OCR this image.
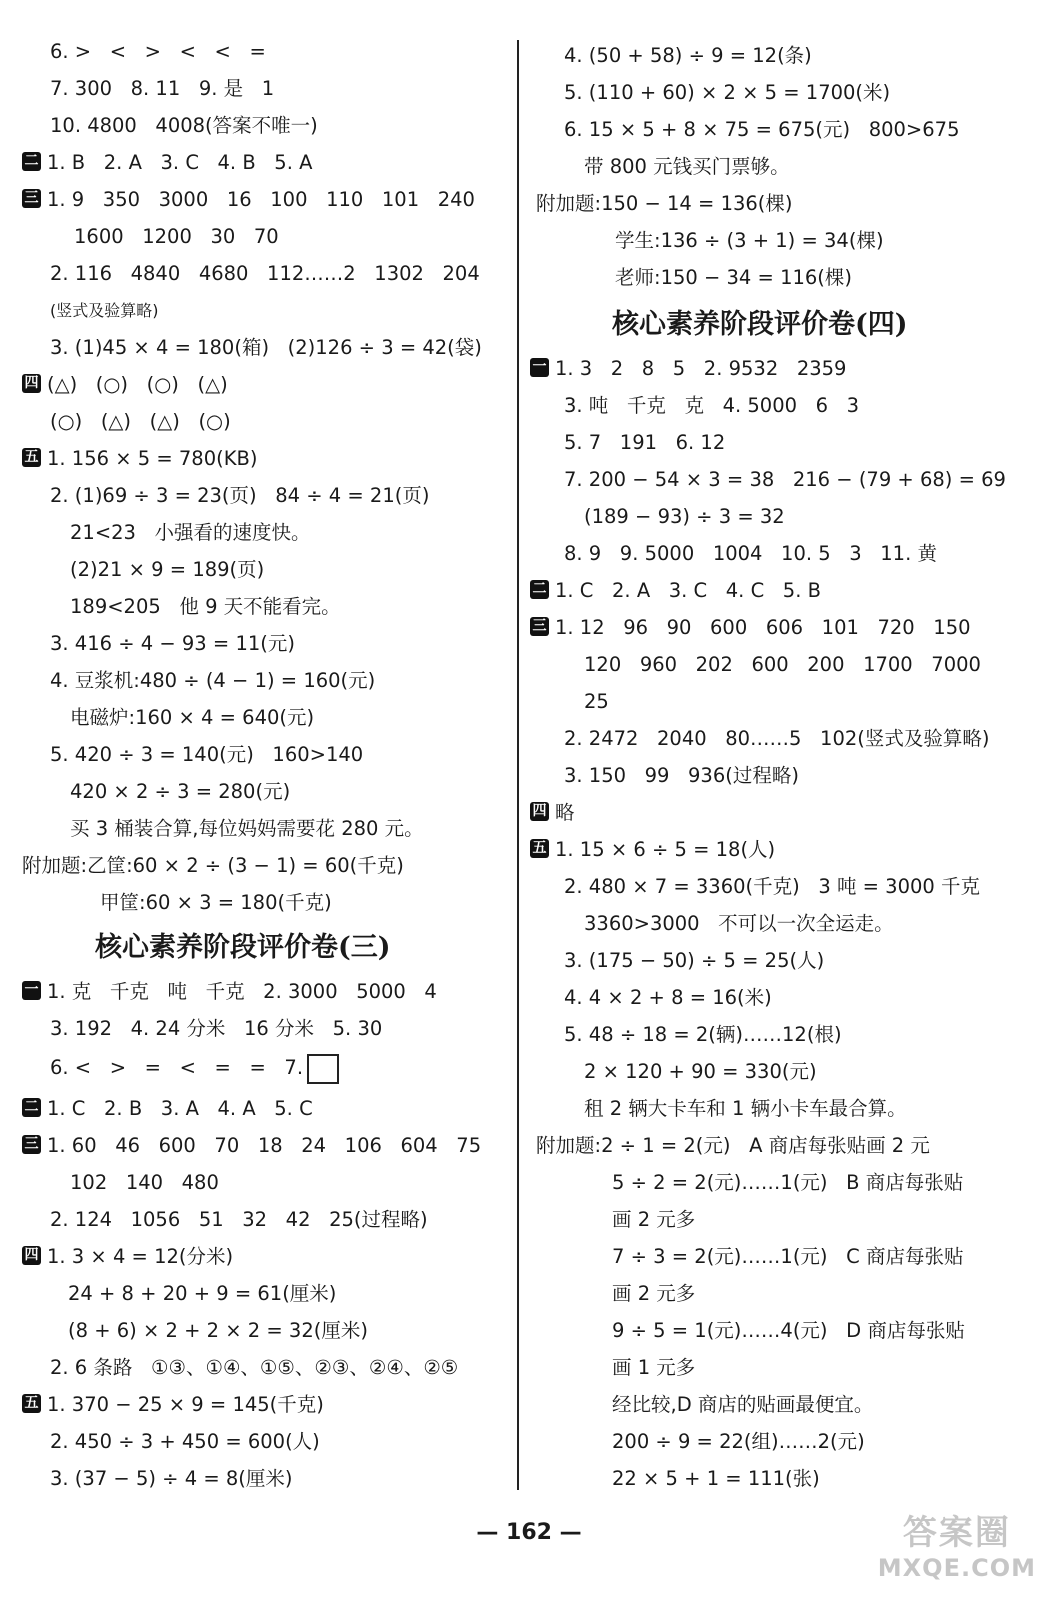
6. >   <   >   <   <   =
7. 300   8. 11   9. 是   1
10. 4800   4008(答案不唯一)
二 1. B   2. A   3. C   4. B   5. A
三 1. 9   350   3000   16   100   110   101   240
1600   1200   30   70
2. 116   4840   4680   112……2   1302   204
(竖式及验算略)
3. (1)45 × 4 = 180(箱)   (2)126 ÷ 3 = 42(袋)
四 (△)   (○)   (○)   (△)
(○)   (△)   (△)   (○)
五 1. 156 × 5 = 780(KB)
2. (1)69 ÷ 3 = 23(页)   84 ÷ 4 = 21(页)
21<23   小强看的速度快。
(2)21 × 9 = 189(页)
189<205   他 9 天不能看完。
3. 416 ÷ 4 − 93 = 11(元)
4. 豆浆机:480 ÷ (4 − 1) = 160(元)
电磁炉:160 × 4 = 640(元)
5. 420 ÷ 3 = 140(元)   160>140
420 × 2 ÷ 3 = 280(元)
买 3 桶装合算,每位妈妈需要花 280 元。
附加题:乙筐:60 × 2 ÷ (3 − 1) = 60(千克)
甲筐:60 × 3 = 180(千克)
一 1. 克   千克   吨   千克   2. 3000   5000   4
3. 192   4. 24 分米   16 分米   5. 30
6. <   >   =   <   =   =   7.
二 1. C   2. B   3. A   4. A   5. C
三 1. 60   46   600   70   18   24   106   604   75
102   140   480
2. 124   1056   51   32   42   25(过程略)
四 1. 3 × 4 = 12(分米)
24 + 8 + 20 + 9 = 61(厘米)
(8 + 6) × 2 + 2 × 2 = 32(厘米)
2. 6 条路   ①③、①④、①⑤、②③、②④、②⑤
五 1. 370 − 25 × 9 = 145(千克)
2. 450 ÷ 3 + 450 = 600(人)
3. (37 − 5) ÷ 4 = 8(厘米)
核心素养阶段评价卷(三)
4. (50 + 58) ÷ 9 = 12(条)
5. (110 + 60) × 2 × 5 = 1700(米)
6. 15 × 5 + 8 × 75 = 675(元)   800>675
带 800 元钱买门票够。
附加题:150 − 14 = 136(棵)
学生:136 ÷ (3 + 1) = 34(棵)
老师:150 − 34 = 116(棵)
一 1. 3   2   8   5   2. 9532   2359
3. 吨   千克   克   4. 5000   6   3
5. 7   191   6. 12
7. 200 − 54 × 3 = 38   216 − (79 + 68) = 69
(189 − 93) ÷ 3 = 32
8. 9   9. 5000   1004   10. 5   3   11. 黄
二 1. C   2. A   3. C   4. C   5. B
三 1. 12   96   90   600   606   101   720   150
120   960   202   600   200   1700   7000
25
2. 2472   2040   80……5   102(竖式及验算略)
3. 150   99   936(过程略)
四 略
五 1. 15 × 6 ÷ 5 = 18(人)
2. 480 × 7 = 3360(千克)   3 吨 = 3000 千克
3360>3000   不可以一次全运走。
3. (175 − 50) ÷ 5 = 25(人)
4. 4 × 2 + 8 = 16(米)
5. 48 ÷ 18 = 2(辆)……12(根)
2 × 120 + 90 = 330(元)
租 2 辆大卡车和 1 辆小卡车最合算。
附加题:2 ÷ 1 = 2(元)   A 商店每张贴画 2 元
5 ÷ 2 = 2(元)……1(元)   B 商店每张贴
画 2 元多
7 ÷ 3 = 2(元)……1(元)   C 商店每张贴
画 2 元多
9 ÷ 5 = 1(元)……4(元)   D 商店每张贴
画 1 元多
经比较,D 商店的贴画最便宜。
200 ÷ 9 = 22(组)……2(元)
22 × 5 + 1 = 111(张)
核心素养阶段评价卷(四)
— 162 —	答案圈
MXQE.COM
